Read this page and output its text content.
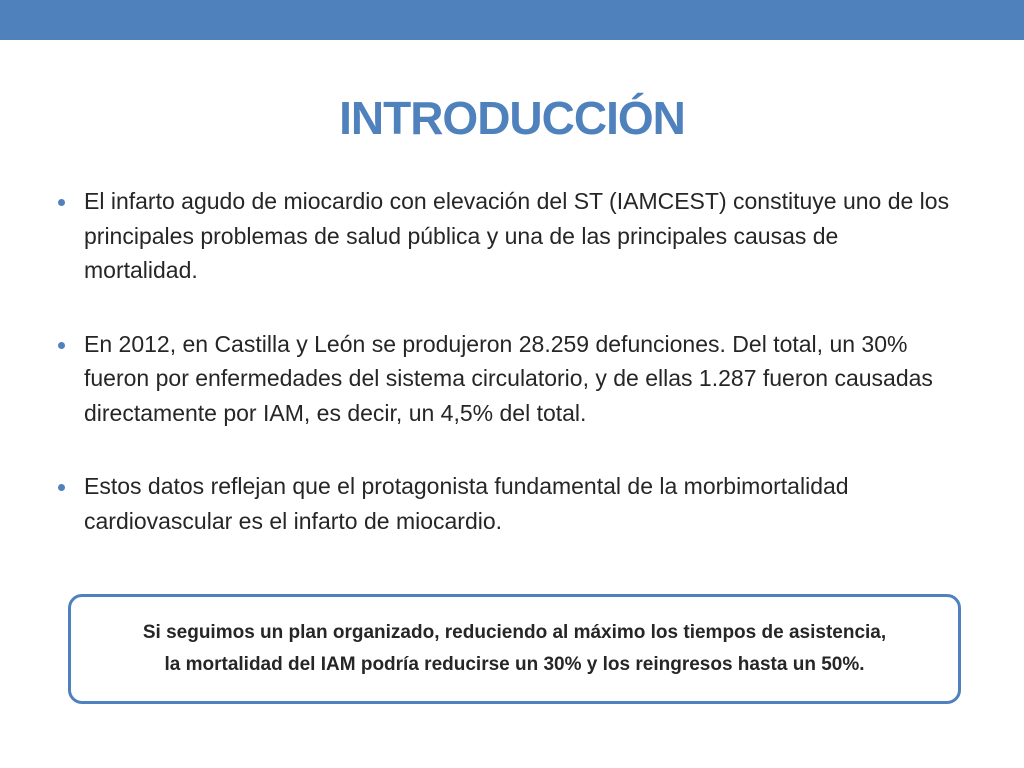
INTRODUCCIÓN
El infarto agudo de miocardio con elevación del ST (IAMCEST) constituye uno de los principales problemas de salud pública y una de las principales causas de mortalidad.
En 2012, en Castilla y León se produjeron 28.259 defunciones. Del total, un 30% fueron por enfermedades del sistema circulatorio, y de ellas 1.287 fueron causadas directamente por IAM, es decir, un 4,5% del total.
Estos datos reflejan que el protagonista fundamental de la morbimortalidad cardiovascular es el infarto de miocardio.
Si seguimos un plan organizado, reduciendo al máximo los tiempos de asistencia,
la mortalidad del IAM podría reducirse un 30% y los reingresos hasta un 50%.
